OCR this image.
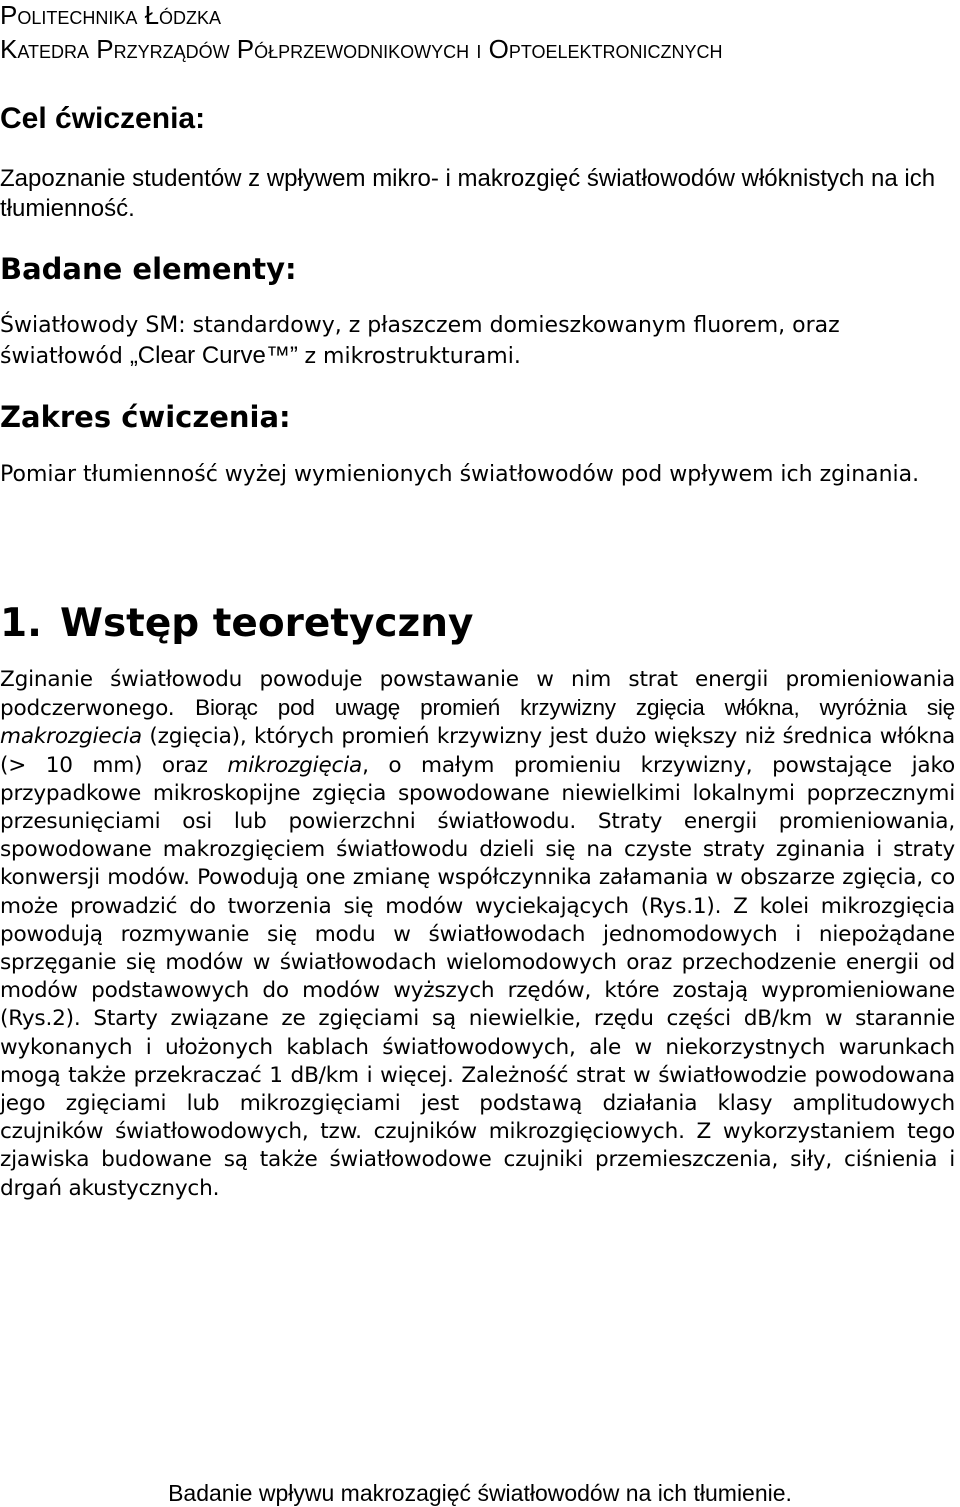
Politechnika Łódzka
Katedra Przyrządów Półprzewodnikowych i Optoelektronicznych
Cel ćwiczenia:
Zapoznanie studentów z wpływem mikro- i makrozgięć światłowodów włóknistych na ich tłumienność.
Badane elementy:
Światłowody SM: standardowy, z płaszczem domieszkowanym fluorem, oraz światłowód „Clear Curve™” z mikrostrukturami.
Zakres ćwiczenia:
Pomiar tłumienność wyżej wymienionych światłowodów pod wpływem ich zginania.
1. Wstęp teoretyczny
Zginanie światłowodu powoduje powstawanie w nim strat energii promieniowania podczerwonego. Biorąc pod uwagę promień krzywizny zgięcia włókna, wyróżnia się makrozgiecia (zgięcia), których promień krzywizny jest dużo większy niż średnica włókna (> 10 mm) oraz mikrozgięcia, o małym promieniu krzywizny, powstające jako przypadkowe mikroskopijne zgięcia spowodowane niewielkimi lokalnymi poprzecznymi przesunięciami osi lub powierzchni światłowodu. Straty energii promieniowania, spowodowane makrozgięciem światłowodu dzieli się na czyste straty zginania i straty konwersji modów. Powodują one zmianę współczynnika załamania w obszarze zgięcia, co może prowadzić do tworzenia się modów wyciekających (Rys.1). Z kolei mikrozgięcia powodują rozmywanie się modu w światłowodach jednomodowych i niepożądane sprzęganie się modów w światłowodach wielomodowych oraz przechodzenie energii od modów podstawowych do modów wyższych rzędów, które zostają wypromieniowane (Rys.2). Starty związane ze zgięciami są niewielkie, rzędu części dB/km w starannie wykonanych i ułożonych kablach światłowodowych, ale w niekorzystnych warunkach mogą także przekraczać 1 dB/km i więcej. Zależność strat w światłowodzie powodowana jego zgięciami lub mikrozgięciami jest podstawą działania klasy amplitudowych czujników światłowodowych, tzw. czujników mikrozgięciowych. Z wykorzystaniem tego zjawiska budowane są także światłowodowe czujniki przemieszczenia, siły, ciśnienia i drgań akustycznych.
Badanie wpływu makrozagięć światłowodów na ich tłumienie.
